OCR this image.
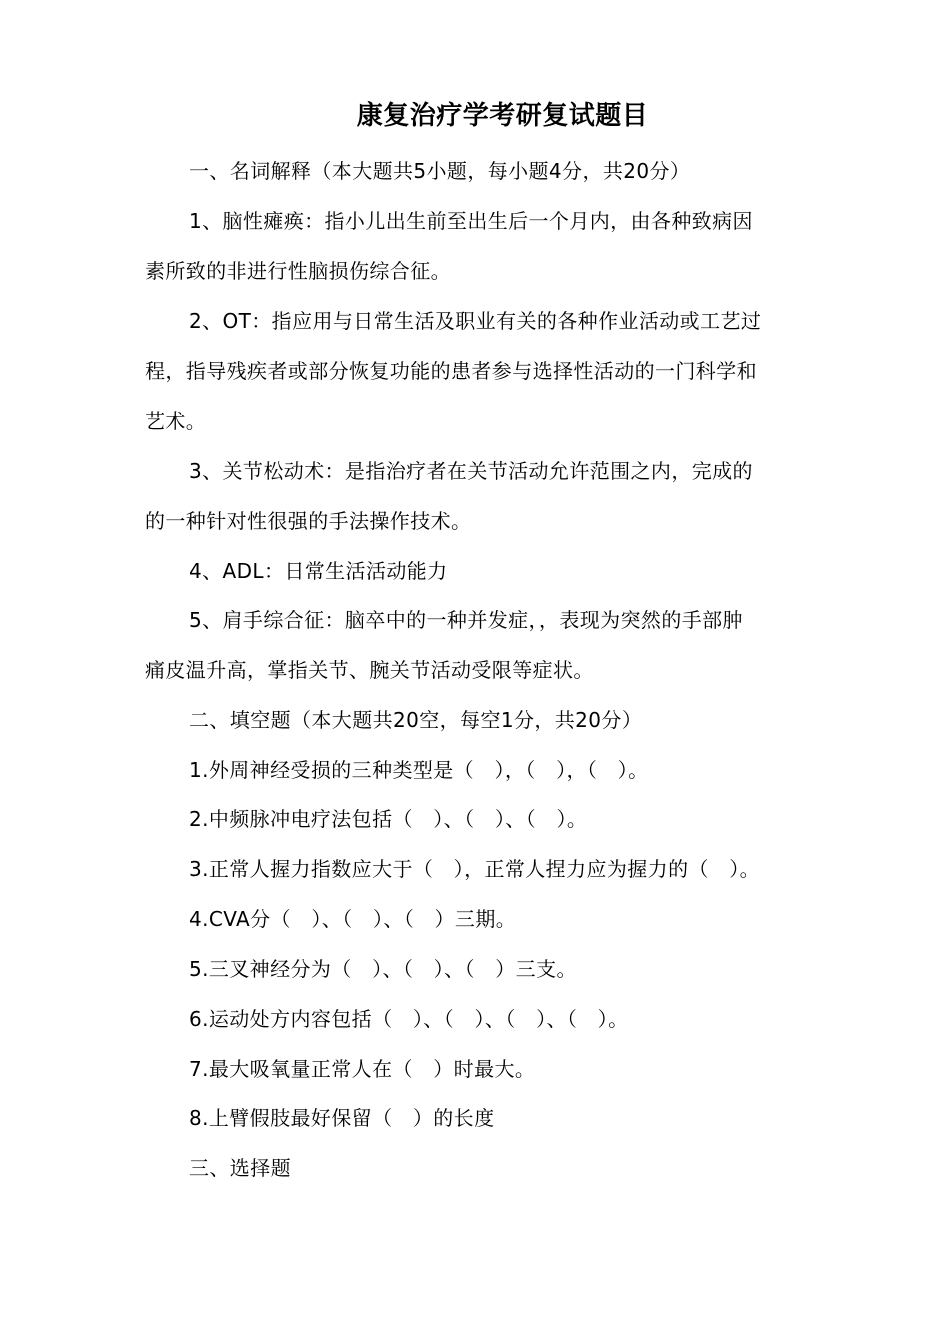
康复治疗学考研复试题目
一、名词解释（本大题共5小题，每小题4分，共20分）
1、脑性瘫痪：指小儿出生前至出生后一个月内，由各种致病因
素所致的非进行性脑损伤综合征。
2、OT：指应用与日常生活及职业有关的各种作业活动或工艺过
程，指导残疾者或部分恢复功能的患者参与选择性活动的一门科学和
艺术。
3、关节松动术：是指治疗者在关节活动允许范围之内，完成的
的一种针对性很强的手法操作技术。
4、ADL：日常生活活动能力
5、肩手综合征：脑卒中的一种并发症，，表现为突然的手部肿
痛皮温升高，掌指关节、腕关节活动受限等症状。
二、填空题（本大题共20空，每空1分，共20分）
1.外周神经受损的三种类型是（　），（　），（　）。
2.中频脉冲电疗法包括（　）、（　）、（　）。
3.正常人握力指数应大于（　），正常人捏力应为握力的（　）。
4.CVA分（　）、（　）、（　）三期。
5.三叉神经分为（　）、（　）、（　）三支。
6.运动处方内容包括（　）、（　）、（　）、（　）。
7.最大吸氧量正常人在（　）时最大。
8.上臂假肢最好保留（　）的长度
三、选择题
